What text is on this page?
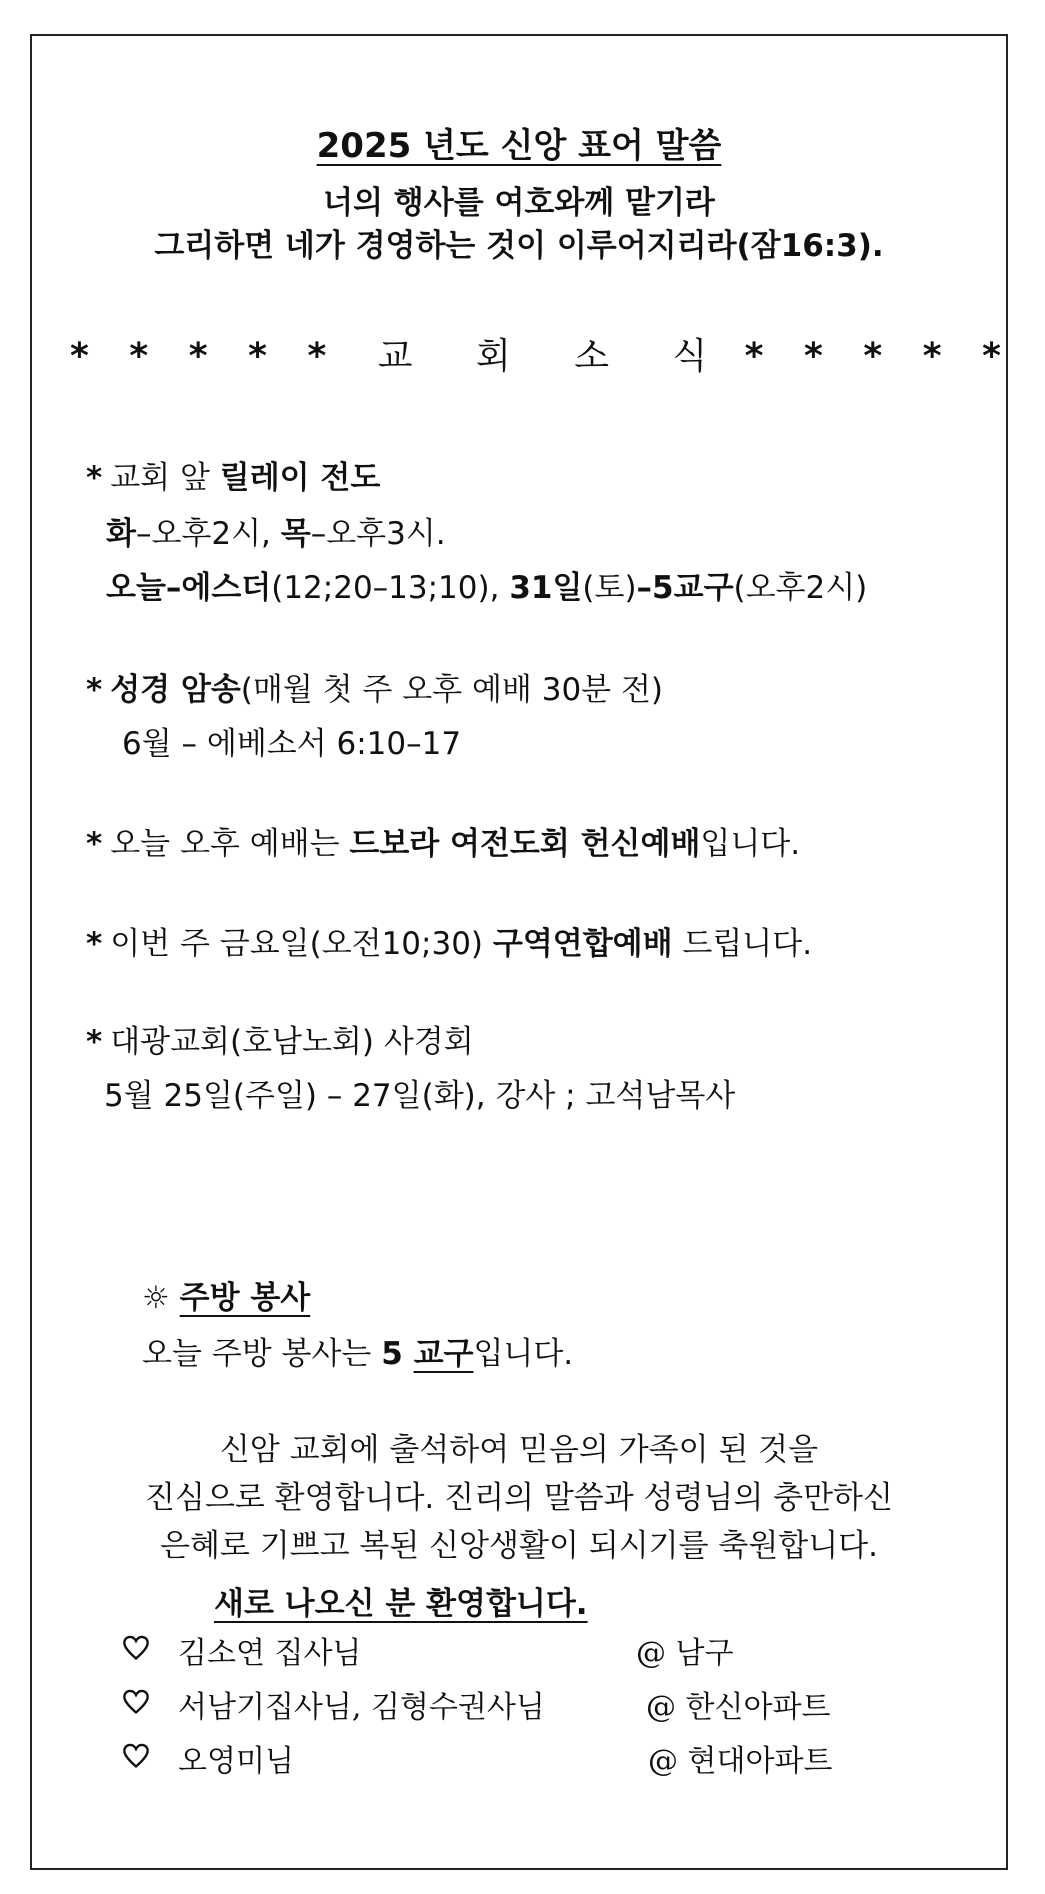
2025 년도 신앙 표어 말씀
너의 행사를 여호와께 맡기라
그리하면 네가 경영하는 것이 이루어지리라(잠16:3).
* * * * * 교 회 소 식 * * * * *
* 교회 앞 릴레이 전도
화–오후2시, 목–오후3시.
오늘–에스더(12;20–13;10), 31일(토)–5교구(오후2시)
* 성경 암송(매월 첫 주 오후 예배 30분 전)
6월 – 에베소서 6:10–17
* 오늘 오후 예배는 드보라 여전도회 헌신예배입니다.
* 이번 주 금요일(오전10;30) 구역연합예배 드립니다.
* 대광교회(호남노회) 사경회
5월 25일(주일) – 27일(화), 강사 ; 고석남목사
☼ 주방 봉사
오늘 주방 봉사는 5 교구입니다.
신암 교회에 출석하여 믿음의 가족이 된 것을
진심으로 환영합니다. 진리의 말씀과 성령님의 충만하신
은혜로 기쁘고 복된 신앙생활이 되시기를 축원합니다.
새로 나오신 분 환영합니다.
김소연 집사님	@ 남구
서남기집사님, 김형수권사님	@ 한신아파트
오영미님	@ 현대아파트
